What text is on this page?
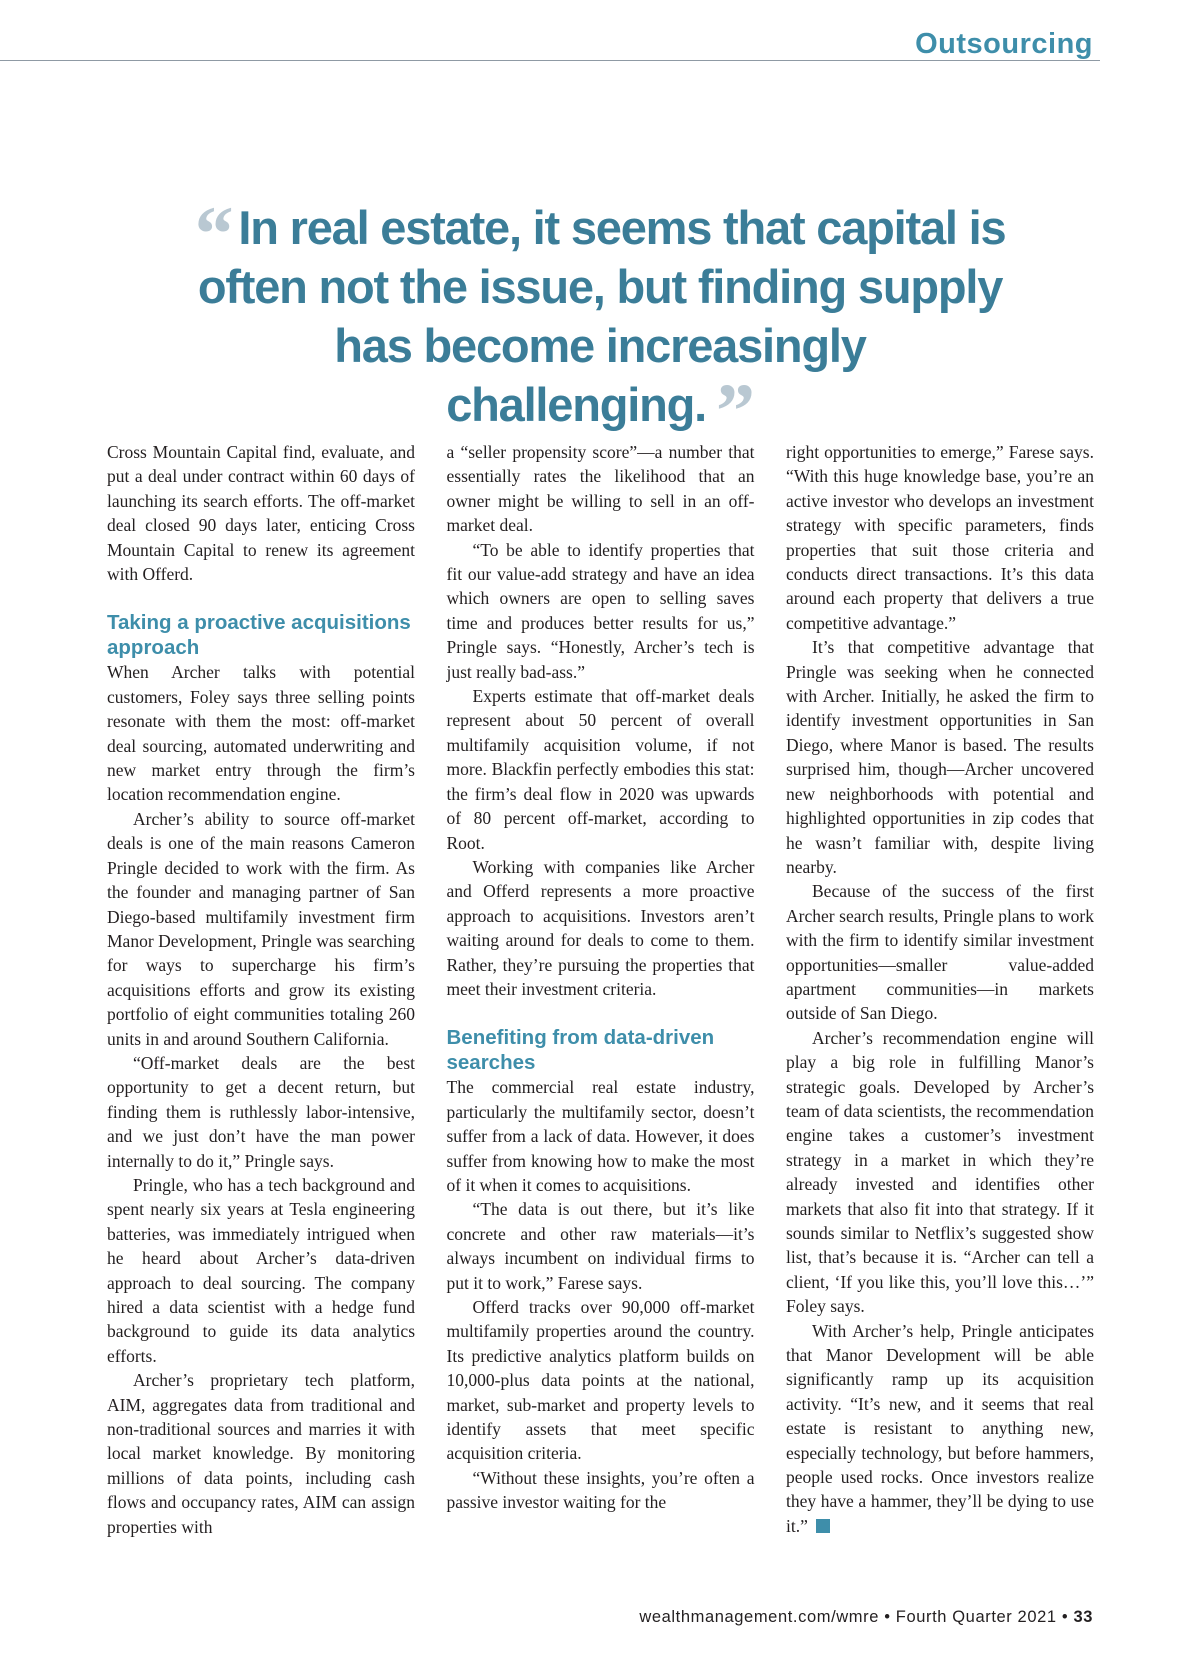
Outsourcing
“ In real estate, it seems that capital is often not the issue, but finding supply has become increasingly challenging. ”

Cross Mountain Capital find, evaluate, and put a deal under contract within 60 days of launching its search efforts. The off-market deal closed 90 days later, enticing Cross Mountain Capital to renew its agreement with Offerd.

Taking a proactive acquisitions approach

When Archer talks with potential customers, Foley says three selling points resonate with them the most: off-market deal sourcing, automated underwriting and new market entry through the firm’s location recommendation engine.

Archer’s ability to source off-market deals is one of the main reasons Cameron Pringle decided to work with the firm. As the founder and managing partner of San Diego-based multifamily investment firm Manor Development, Pringle was searching for ways to supercharge his firm’s acquisitions efforts and grow its existing portfolio of eight communities totaling 260 units in and around Southern California.

“Off-market deals are the best opportunity to get a decent return, but finding them is ruthlessly labor-intensive, and we just don’t have the man power internally to do it,” Pringle says.

Pringle, who has a tech background and spent nearly six years at Tesla engineering batteries, was immediately intrigued when he heard about Archer’s data-driven approach to deal sourcing. The company hired a data scientist with a hedge fund background to guide its data analytics efforts.

Archer’s proprietary tech platform, AIM, aggregates data from traditional and non-traditional sources and marries it with local market knowledge. By monitoring millions of data points, including cash flows and occupancy rates, AIM can assign properties with

a “seller propensity score”—a number that essentially rates the likelihood that an owner might be willing to sell in an off-market deal.

“To be able to identify properties that fit our value-add strategy and have an idea which owners are open to selling saves time and produces better results for us,” Pringle says. “Honestly, Archer’s tech is just really bad-ass.”

Experts estimate that off-market deals represent about 50 percent of overall multifamily acquisition volume, if not more. Blackfin perfectly embodies this stat: the firm’s deal flow in 2020 was upwards of 80 percent off-market, according to Root.

Working with companies like Archer and Offerd represents a more proactive approach to acquisitions. Investors aren’t waiting around for deals to come to them. Rather, they’re pursuing the properties that meet their investment criteria.

Benefiting from data-driven searches

The commercial real estate industry, particularly the multifamily sector, doesn’t suffer from a lack of data. However, it does suffer from knowing how to make the most of it when it comes to acquisitions.

“The data is out there, but it’s like concrete and other raw materials—it’s always incumbent on individual firms to put it to work,” Farese says.

Offerd tracks over 90,000 off-market multifamily properties around the country. Its predictive analytics platform builds on 10,000-plus data points at the national, market, sub-market and property levels to identify assets that meet specific acquisition criteria.

“Without these insights, you’re often a passive investor waiting for the

right opportunities to emerge,” Farese says. “With this huge knowledge base, you’re an active investor who develops an investment strategy with specific parameters, finds properties that suit those criteria and conducts direct transactions. It’s this data around each property that delivers a true competitive advantage.”

It’s that competitive advantage that Pringle was seeking when he connected with Archer. Initially, he asked the firm to identify investment opportunities in San Diego, where Manor is based. The results surprised him, though—Archer uncovered new neighborhoods with potential and highlighted opportunities in zip codes that he wasn’t familiar with, despite living nearby.

Because of the success of the first Archer search results, Pringle plans to work with the firm to identify similar investment opportunities—smaller value-added apartment communities—in markets outside of San Diego.

Archer’s recommendation engine will play a big role in fulfilling Manor’s strategic goals. Developed by Archer’s team of data scientists, the recommendation engine takes a customer’s investment strategy in a market in which they’re already invested and identifies other markets that also fit into that strategy. If it sounds similar to Netflix’s suggested show list, that’s because it is. “Archer can tell a client, ‘If you like this, you’ll love this…’” Foley says.

With Archer’s help, Pringle anticipates that Manor Development will be able significantly ramp up its acquisition activity. “It’s new, and it seems that real estate is resistant to anything new, especially technology, but before hammers, people used rocks. Once investors realize they have a hammer, they’ll be dying to use it.”

wealthmanagement.com/wmre • Fourth Quarter 2021 • 33
